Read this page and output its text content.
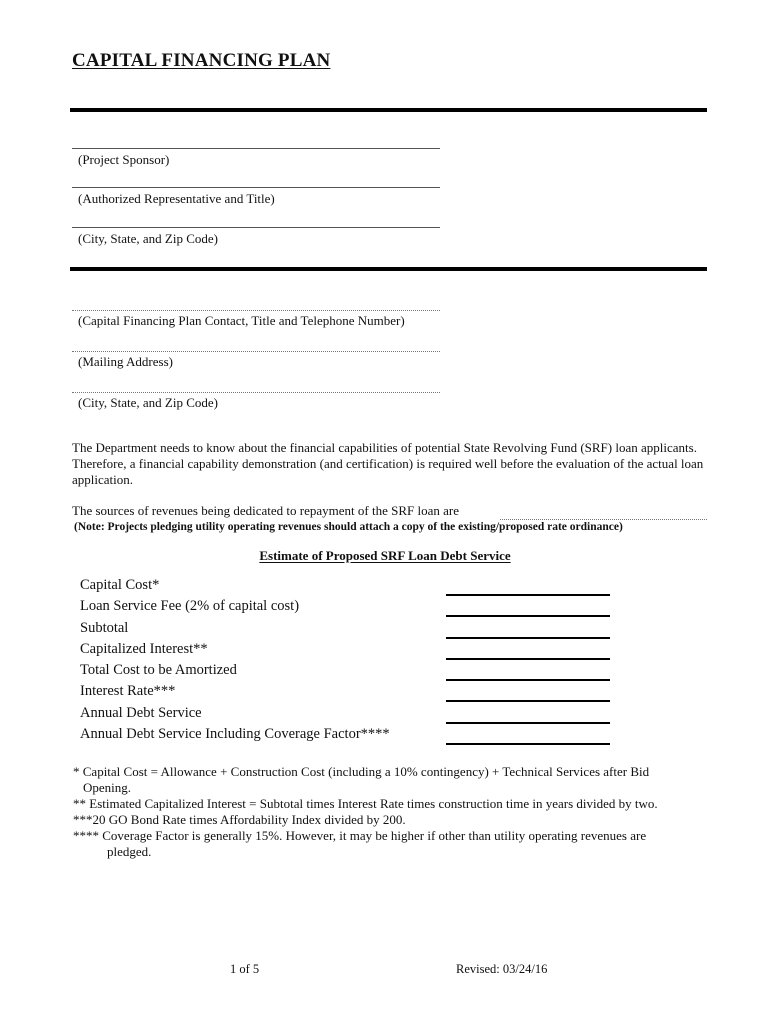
CAPITAL FINANCING PLAN
(Project Sponsor)
(Authorized Representative and Title)
(City, State, and Zip Code)
(Capital Financing Plan Contact, Title and Telephone Number)
(Mailing Address)
(City, State, and Zip Code)
The Department needs to know about the financial capabilities of potential State Revolving Fund (SRF) loan applicants. Therefore, a financial capability demonstration (and certification) is required well before the evaluation of the actual loan application.
The sources of revenues being dedicated to repayment of the SRF loan are
(Note: Projects pledging utility operating revenues should attach a copy of the existing/proposed rate ordinance)
Estimate of Proposed SRF Loan Debt Service
Capital Cost*
Loan Service Fee (2% of capital cost)
Subtotal
Capitalized Interest**
Total Cost to be Amortized
Interest Rate***
Annual Debt Service
Annual Debt Service Including Coverage Factor****
* Capital Cost = Allowance + Construction Cost (including a 10% contingency) + Technical Services after Bid
Opening.
** Estimated Capitalized Interest = Subtotal times Interest Rate times construction time in years divided by two.
***20 GO Bond Rate times Affordability Index divided by 200.
**** Coverage Factor is generally 15%. However, it may be higher if other than utility operating revenues are
pledged.
1 of 5	Revised: 03/24/16
